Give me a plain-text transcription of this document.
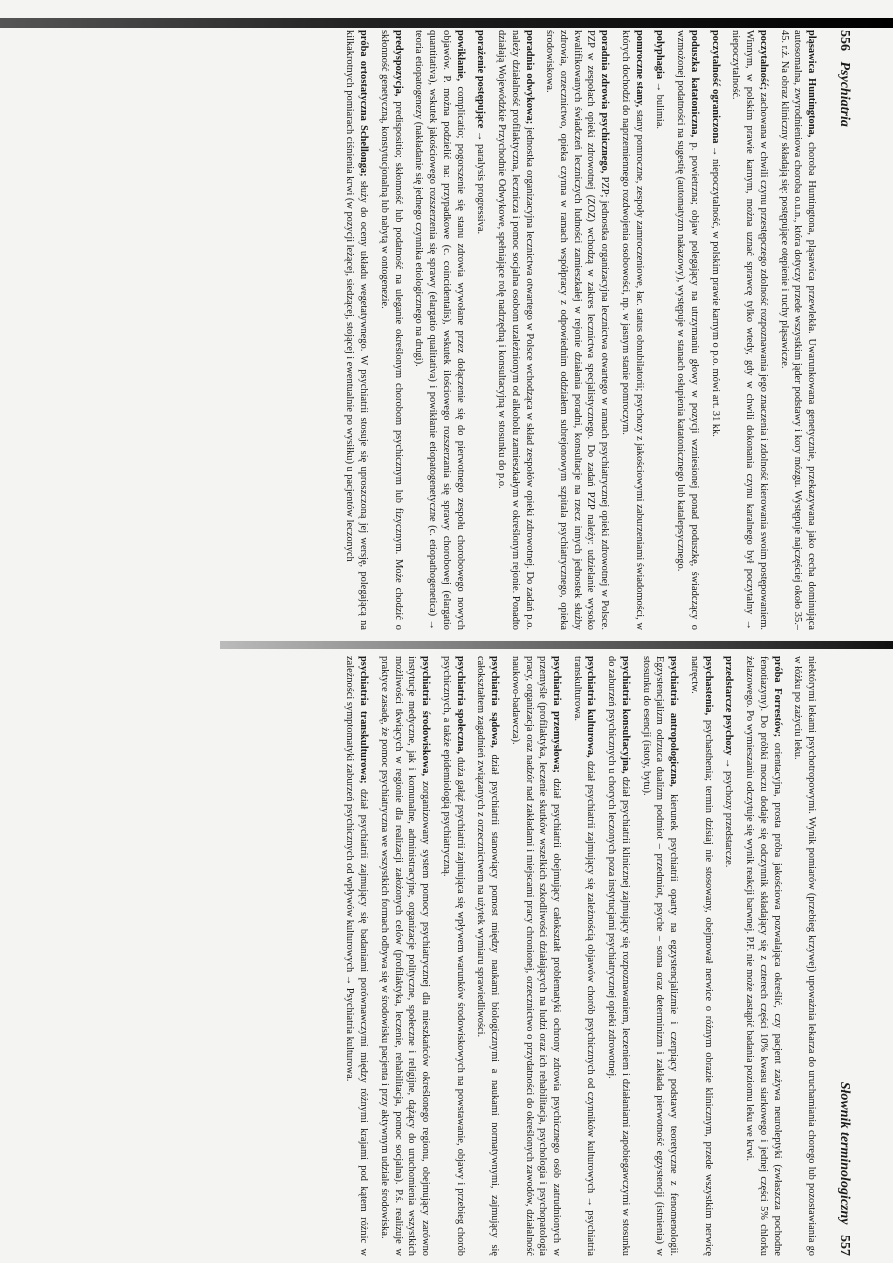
556   Psychiatria

pląsawica Huntingtona, choroba Huntingtona, pląsawica przewlekła. Uwarunkowana genetycznie, przekazywana jako cecha dominująca autosomalna, zwyrodnieniowa choroba o.u.n., która dotyczy przede wszystkim jąder podstawy i kory mózgu. Występuje najczęściej około 35.–45. r.ż. Na obraz kliniczny składają się: postępujące otępienie i ruchy pląsawicze.

poczytalność; zachowana w chwili czynu przestępczego zdolność rozpoznawania jego znaczenia i zdolność kierowania swoim postępowaniem. Winnym, w polskim prawie karnym, można uznać sprawcę tylko wtedy, gdy w chwili dokonania czynu karalnego był poczytalny → niepoczytalność.

poczytalność ograniczona → niepoczytalność, w polskim prawie karnym o p.o. mówi art. 31 kk.

poduszka katatoniczna, p. powietrzna; objaw polegający na utrzymaniu głowy w pozycji wzniesionej ponad poduszkę, świadczący o wzmożonej podatności na sugestię (automatyzm nakazowy), występuje w stanach osłupienia katatonicznego lub katalepsycznego.

polyphagia → bulimia.

pomroczne stany, stany pomroczne, zespoły zamroczeniowe, łac. status obnubilatorii; psychozy z jakościowymi zaburzeniami świadomości, w których dochodzi do naprzemiennego rozdwojenia osobowości, np. w jasnym stanie pomroczym.

poradnia zdrowia psychicznego, PZP; jednostka organizacyjna lecznictwa otwartego w ramach psychiatrycznej opieki zdrowotnej w Polsce. PZP w zespołach opieki zdrowotnej (ZOZ) wchodzą w zakres lecznictwa specjalistycznego. Do zadań PZP należy: udzielanie wysoko kwalifikowanych świadczeń leczniczych ludności zamieszkałej w rejonie działania poradni, konsultacje na rzecz innych jednostek służby zdrowia, orzecznictwo, opieka czynna w ramach współpracy z odpowiednim oddziałem subrejonowym szpitala psychiatrycznego, opieka środowiskowa.

poradnia odwykowa; jednostka organizacyjna lecznictwa otwartego w Polsce wchodząca w skład zespołów opieki zdrowotnej. Do zadań p.o. należy działalność profilaktyczna, lecznicza i pomoc socjalna osobom uzależnionym od alkoholu zamieszkałym w określonym rejonie. Ponadto działają Wojewódzkie Przychodnie Odwykowe, spełniające rolę nadrzędną i konsultacyjną w stosunku do p.o.

porażenie postępujące → paralysis progressiva.

powikłanie, complicatio; pogorszenie się stanu zdrowia wywołane przez dołączenie się do pierwotnego zespołu chorobowego nowych objawów. P. można podzielić na: przypadkowe (c. coincidentalis), wskutek ilościowego rozszerzania się sprawy chorobowej (elargatio quantitativa), wskutek jakościowego rozszerzenia się sprawy (elargatio qualitativa) i powikłanie etiopatogenetyczne (c. etiopathogenetica) → teoria etiopatogenezy (nakładanie się jednego czynnika etiologicznego na drugi).

predyspozycja, predispositio; skłonność lub podatność na uleganie określonym chorobom psychicznym lub fizycznym. Może chodzić o skłonność genetyczną, konstytucjonalną lub nabytą w ontogenezie.

próba ortostatyczna Schellonga; służy do oceny układu wegetatywnego. W psychiatrii stosuje się uproszczoną jej wersję, polegającą na kilkakrotnych pomiarach ciśnienia krwi (w pozycji leżącej, siedzącej, stojącej i ewentualnie po wysiłku) u pacjentów leczonych

Słownik terminologiczny   557

niektórymi lekami psychotropowymi. Wynik pomiarów (przebieg krzywej) upoważnia lekarza do uruchamiania chorego lub pozostawiania go w łóżku po zażyciu leku.

próba Forrestów; orientacyjna, prosta próba jakościowa pozwalająca określić, czy pacjent zażywa neuroleptyki (zwłaszcza pochodne fenotiazyny). Do próbki moczu dodaje się odczynnik składający się z czterech części 10% kwasu siarkowego i jednej części 5% chlorku żelazowego. Po wymieszaniu odczytuje się wynik reakcji barwnej. P.F. nie może zastąpić badania poziomu leku we krwi.

przedstarcze psychozy → psychozy przedstarcze.

psychastenia, psychasthenia; termin dzisiaj nie stosowany, obejmował nerwice o różnym obrazie klinicznym, przede wszystkim nerwicę natręctw.

psychiatria antropologiczna, kierunek psychiatrii oparty na egzystencjalizmie i czerpiący podstawy teoretyczne z fenomenologii. Egzystencjalizm odrzuca dualizm podmiot – przedmiot, psyche – soma oraz determinizm i zakłada pierwotność egzystencji (istnienia) w stosunku do esencji (istoty, bytu).

psychiatria konsultacyjna, dział psychiatrii klinicznej zajmujący się rozpoznawaniem, leczeniem i działaniami zapobiegawczymi w stosunku do zaburzeń psychicznych u chorych leczonych poza instytucjami psychiatrycznej opieki zdrowotnej.

psychiatria kulturowa, dział psychiatrii zajmujący się zależnością objawów chorób psychicznych od czynników kulturowych → psychiatria transkulturowa.

psychiatria przemysłowa; dział psychiatrii obejmujący całokształt problematyki ochrony zdrowia psychicznego osób zatrudnionych w przemyśle (profilaktyka, leczenie skutków wszelkich szkodliwości działających na ludzi oraz ich rehabilitacja, psychologia i psychopatologia pracy, organizacja oraz nadzór nad zakładami i miejscami pracy chronionej, orzecznictwo o przydatności do określonych zawodów, działalność naukowo-badawcza).

psychiatria sądowa, dział psychiatrii stanowiący pomost między naukami biologicznymi a naukami normatywnymi, zajmujący się całokształtem zagadnień związanych z orzecznictwem na użytek wymiaru sprawiedliwości.

psychiatria społeczna, duża gałąź psychiatrii zajmująca się wpływem warunków środowiskowych na powstawanie, objawy i przebieg chorób psychicznych, a także epidemiologią psychiatryczną.

psychiatria środowiskowa, zorganizowany system pomocy psychiatrycznej dla mieszkańców określonego regionu, obejmujący zarówno instytucje medyczne, jak i komunalne, administracyjne, organizacje polityczne, społeczne i religijne, dążący do uruchomienia wszystkich możliwości tkwiących w regionie dla realizacji założonych celów (profilaktyka, leczenie, rehabilitacja, pomoc socjalna). P.ś. realizuje w praktyce zasadę, że pomoc psychiatryczna we wszystkich formach odbywa się w środowisku pacjenta i przy aktywnym udziale środowiska.

psychiatria transkulturowa; dział psychiatrii zajmujący się badaniami porównawczymi między różnymi krajami pod kątem różnic w zależności symptomatyki zaburzeń psychicznych od wpływów kulturowych → Psychiatria kulturowa.
